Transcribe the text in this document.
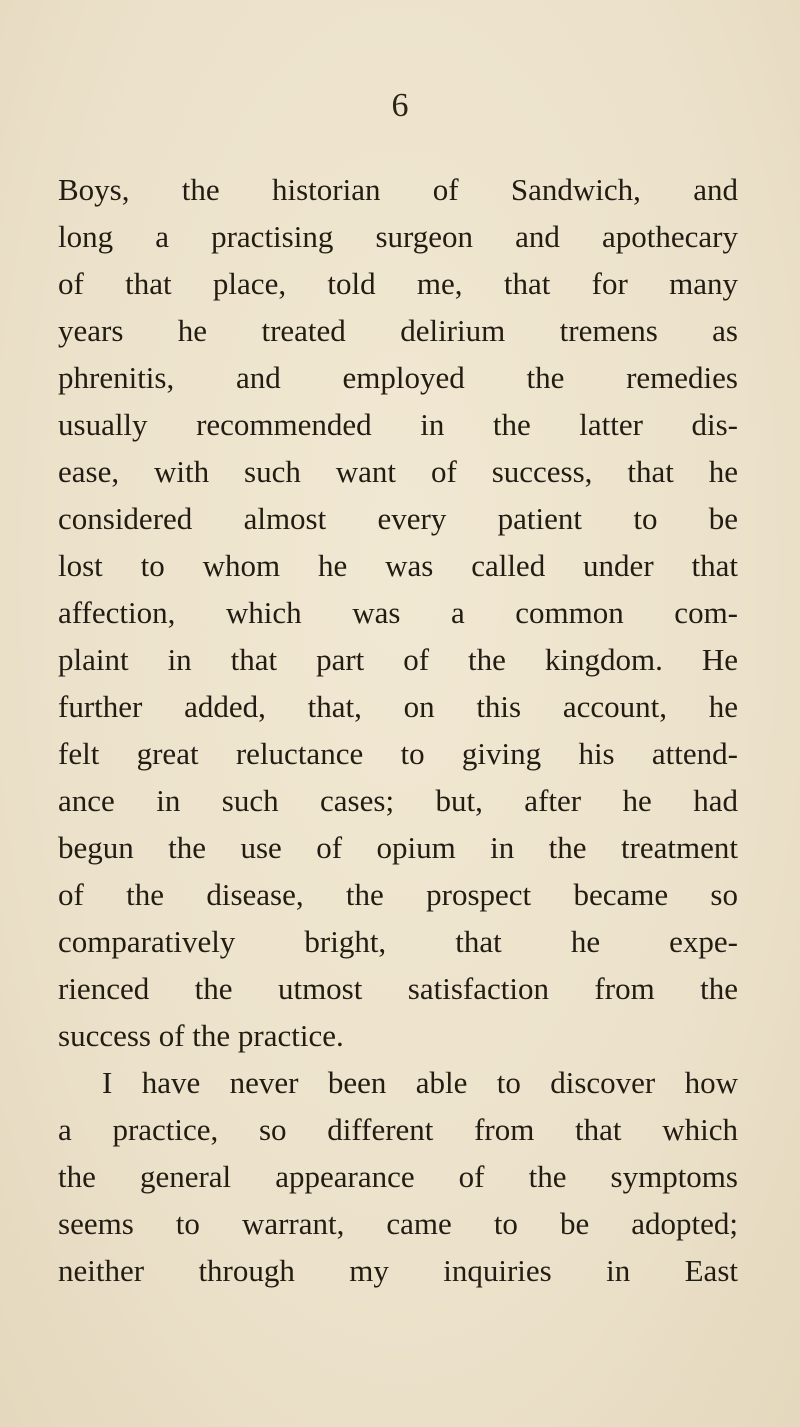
6
Boys, the historian of Sandwich, and
long a practising surgeon and apothecary
of that place, told me, that for many
years he treated delirium tremens as
phrenitis, and employed the remedies
usually recommended in the latter dis-
ease, with such want of success, that he
considered almost every patient to be
lost to whom he was called under that
affection, which was a common com-
plaint in that part of the kingdom. He
further added, that, on this account, he
felt great reluctance to giving his attend-
ance in such cases; but, after he had
begun the use of opium in the treatment
of the disease, the prospect became so
comparatively bright, that he expe-
rienced the utmost satisfaction from the
success of the practice.
I have never been able to discover how
a practice, so different from that which
the general appearance of the symptoms
seems to warrant, came to be adopted;
neither through my inquiries in East
